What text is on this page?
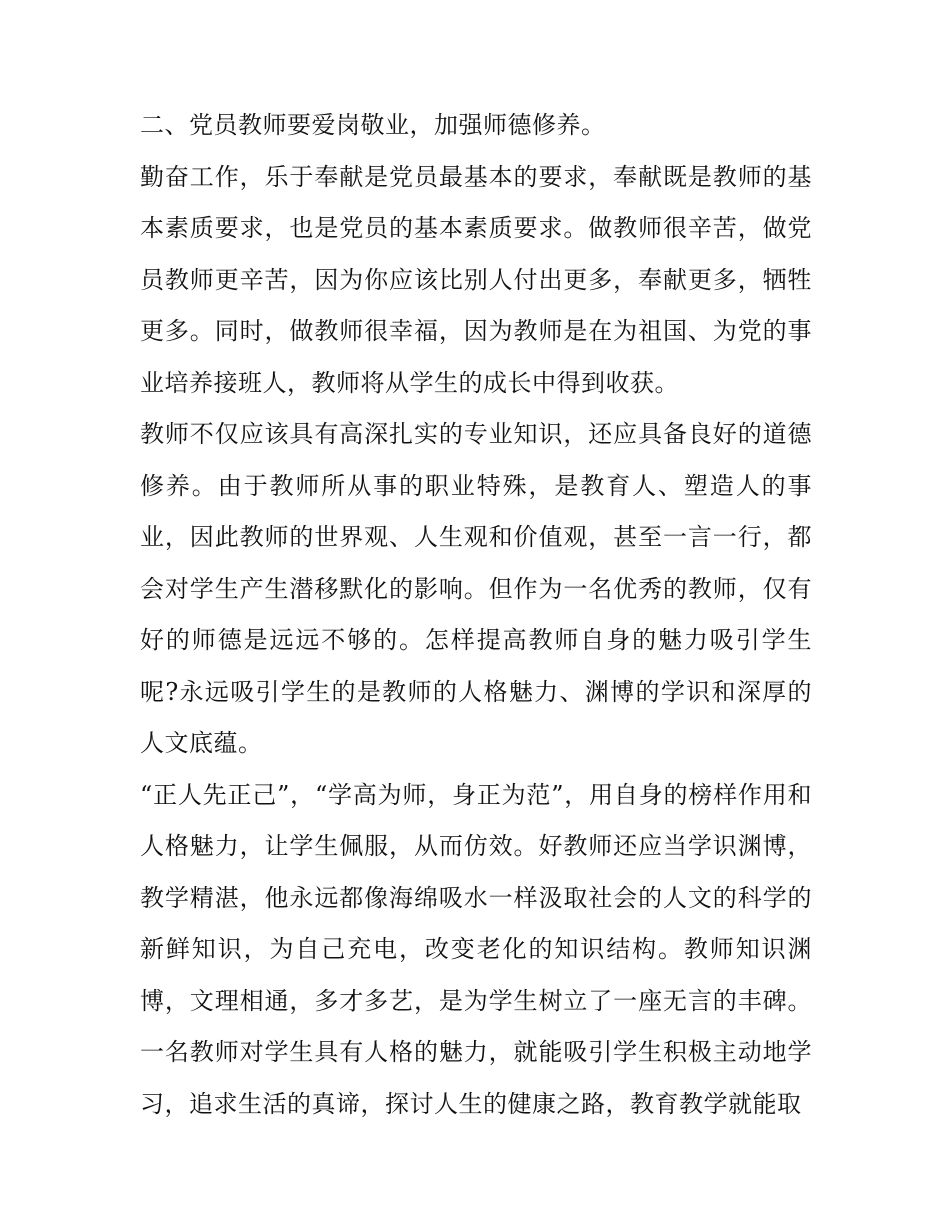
二、党员教师要爱岗敬业，加强师德修养。

勤奋工作，乐于奉献是党员最基本的要求，奉献既是教师的基本素质要求，也是党员的基本素质要求。做教师很辛苦，做党员教师更辛苦，因为你应该比别人付出更多，奉献更多，牺牲更多。同时，做教师很幸福，因为教师是在为祖国、为党的事业培养接班人，教师将从学生的成长中得到收获。

教师不仅应该具有高深扎实的专业知识，还应具备良好的道德修养。由于教师所从事的职业特殊，是教育人、塑造人的事业，因此教师的世界观、人生观和价值观，甚至一言一行，都会对学生产生潜移默化的影响。但作为一名优秀的教师，仅有好的师德是远远不够的。怎样提高教师自身的魅力吸引学生呢?永远吸引学生的是教师的人格魅力、渊博的学识和深厚的人文底蕴。

“正人先正己”，“学高为师，身正为范”，用自身的榜样作用和人格魅力，让学生佩服，从而仿效。好教师还应当学识渊博，教学精湛，他永远都像海绵吸水一样汲取社会的人文的科学的新鲜知识，为自己充电，改变老化的知识结构。教师知识渊博，文理相通，多才多艺，是为学生树立了一座无言的丰碑。一名教师对学生具有人格的魅力，就能吸引学生积极主动地学习，追求生活的真谛，探讨人生的健康之路，教育教学就能取
